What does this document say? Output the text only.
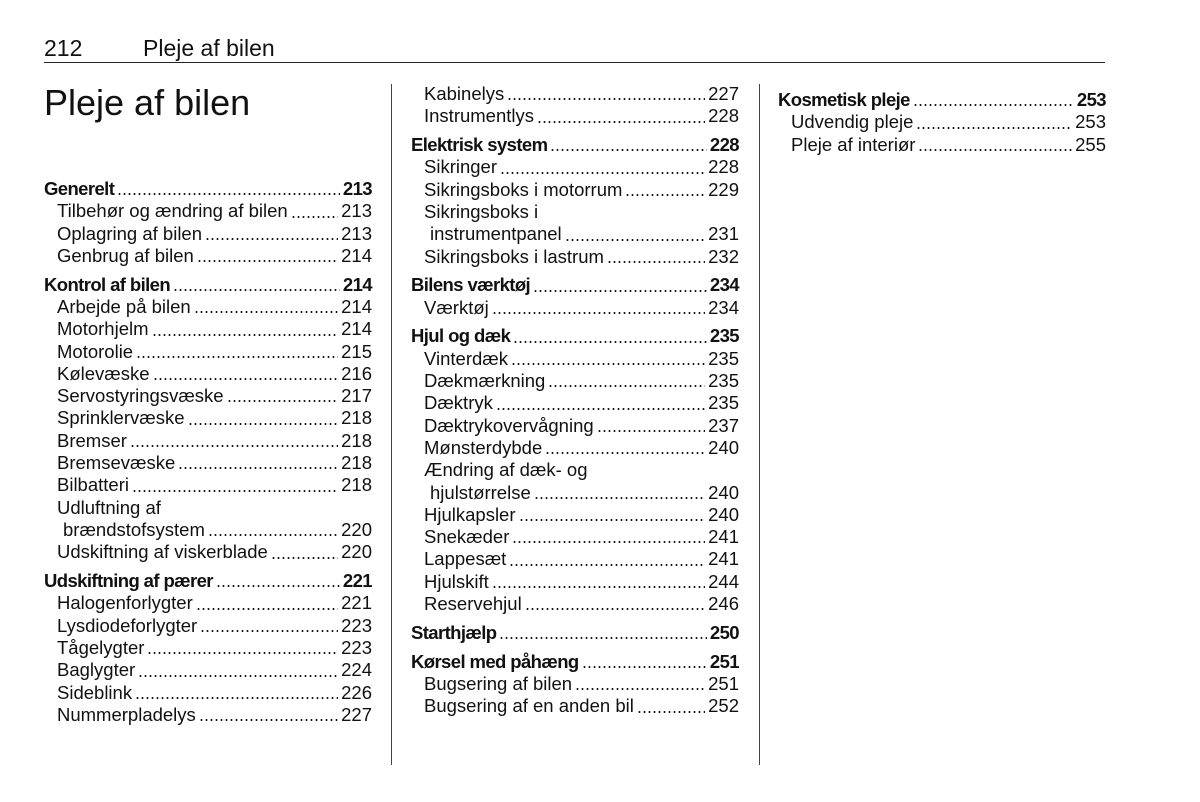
212	Pleje af bilen
Pleje af bilen
Generelt	213
Tilbehør og ændring af bilen	213
Oplagring af bilen	213
Genbrug af bilen	214
Kontrol af bilen	214
Arbejde på bilen	214
Motorhjelm	214
Motorolie	215
Kølevæske	216
Servostyringsvæske	217
Sprinklervæske	218
Bremser	218
Bremsevæske	218
Bilbatteri	218
Udluftning af
brændstofsystem	220
Udskiftning af viskerblade	220
Udskiftning af pærer	221
Halogenforlygter	221
Lysdiodeforlygter	223
Tågelygter	223
Baglygter	224
Sideblink	226
Nummerpladelys	227
Kabinelys	227
Instrumentlys	228
Elektrisk system	228
Sikringer	228
Sikringsboks i motorrum	229
Sikringsboks i
instrumentpanel	231
Sikringsboks i lastrum	232
Bilens værktøj	234
Værktøj	234
Hjul og dæk	235
Vinterdæk	235
Dækmærkning	235
Dæktryk	235
Dæktrykovervågning	237
Mønsterdybde	240
Ændring af dæk- og
hjulstørrelse	240
Hjulkapsler	240
Snekæder	241
Lappesæt	241
Hjulskift	244
Reservehjul	246
Starthjælp	250
Kørsel med påhæng	251
Bugsering af bilen	251
Bugsering af en anden bil	252
Kosmetisk pleje	253
Udvendig pleje	253
Pleje af interiør	255
